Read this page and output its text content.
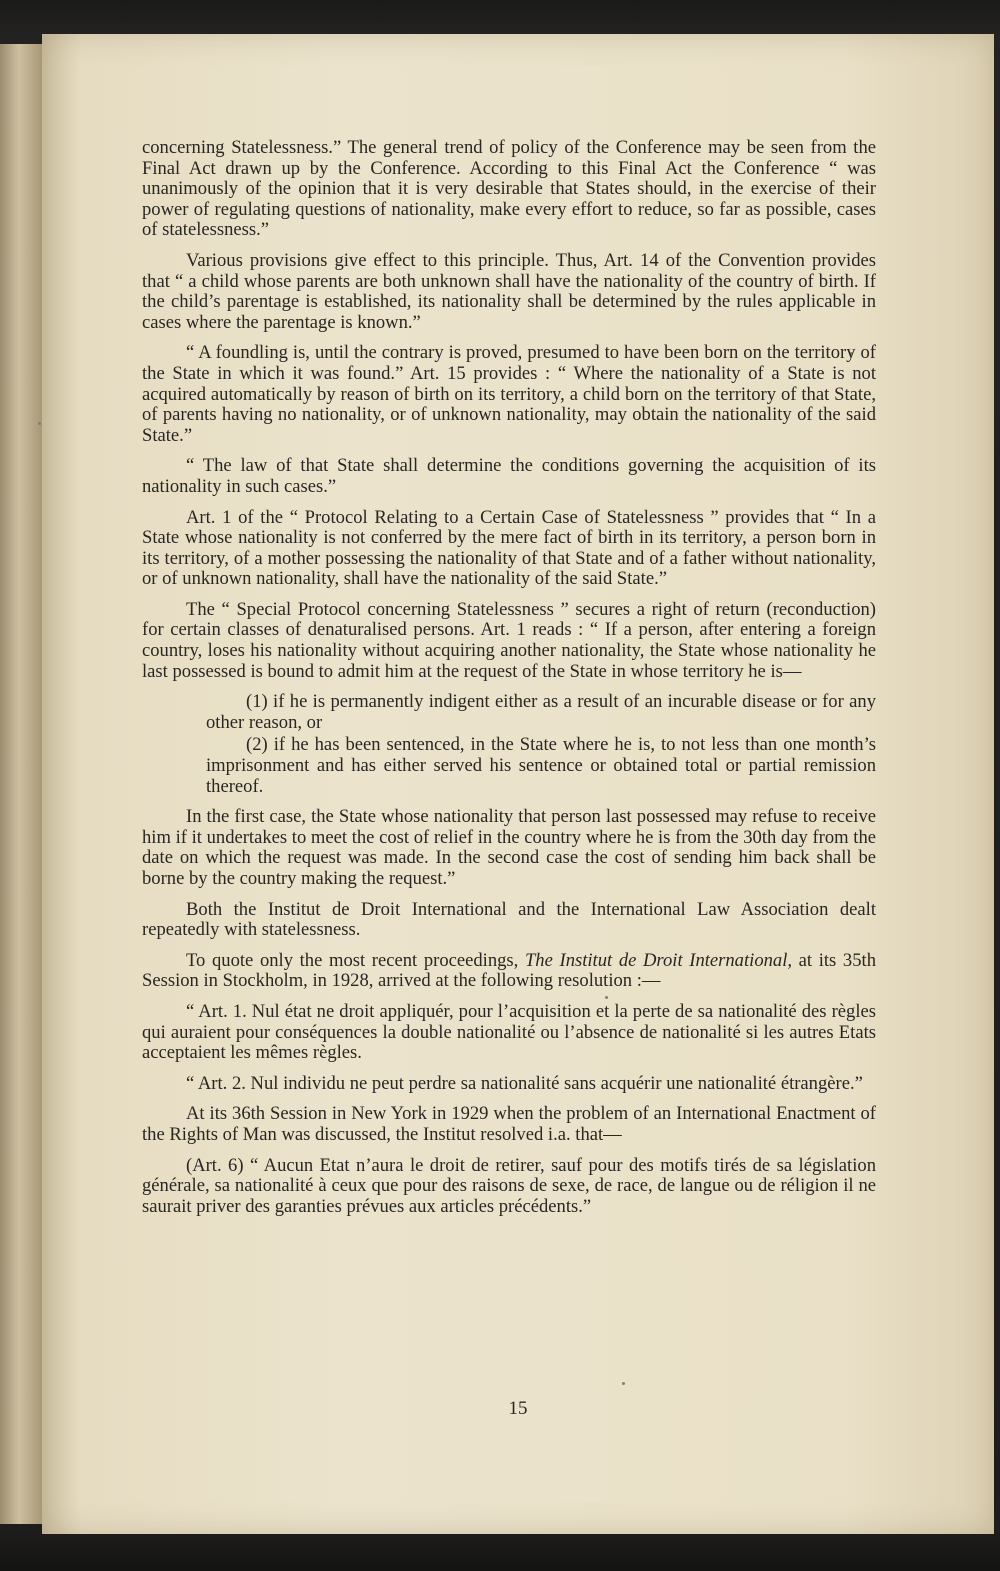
concerning Statelessness.” The general trend of policy of the Conference may be seen from the Final Act drawn up by the Conference. According to this Final Act the Conference “ was unanimously of the opinion that it is very desirable that States should, in the exercise of their power of regulating questions of nationality, make every effort to reduce, so far as possible, cases of statelessness.”

Various provisions give effect to this principle. Thus, Art. 14 of the Convention provides that “ a child whose parents are both unknown shall have the nationality of the country of birth. If the child’s parentage is established, its nationality shall be determined by the rules applicable in cases where the parentage is known.”

“ A foundling is, until the contrary is proved, presumed to have been born on the territory of the State in which it was found.” Art. 15 provides : “ Where the nationality of a State is not acquired automatically by reason of birth on its territory, a child born on the territory of that State, of parents having no nationality, or of unknown nationality, may obtain the nationality of the said State.”

“ The law of that State shall determine the conditions governing the acquisition of its nationality in such cases.”

Art. 1 of the “ Protocol Relating to a Certain Case of Statelessness ” provides that “ In a State whose nationality is not conferred by the mere fact of birth in its territory, a person born in its territory, of a mother possessing the nationality of that State and of a father without nationality, or of unknown nationality, shall have the nationality of the said State.”

The “ Special Protocol concerning Statelessness ” secures a right of return (reconduction) for certain classes of denaturalised persons. Art. 1 reads : “ If a person, after entering a foreign country, loses his nationality without acquiring another nationality, the State whose nationality he last possessed is bound to admit him at the request of the State in whose territory he is—

(1) if he is permanently indigent either as a result of an incurable disease or for any other reason, or

(2) if he has been sentenced, in the State where he is, to not less than one month’s imprisonment and has either served his sentence or obtained total or partial remission thereof.

In the first case, the State whose nationality that person last possessed may refuse to receive him if it undertakes to meet the cost of relief in the country where he is from the 30th day from the date on which the request was made. In the second case the cost of sending him back shall be borne by the country making the request.”

Both the Institut de Droit International and the International Law Association dealt repeatedly with statelessness.

To quote only the most recent proceedings, The Institut de Droit International, at its 35th Session in Stockholm, in 1928, arrived at the following resolution :—

“ Art. 1. Nul état ne droit appliquér, pour l’acquisition et la perte de sa nationalité des règles qui auraient pour conséquences la double nationalité ou l’absence de nationalité si les autres Etats acceptaient les mêmes règles.

“ Art. 2. Nul individu ne peut perdre sa nationalité sans acquérir une nationalité étrangère.”

At its 36th Session in New York in 1929 when the problem of an International Enactment of the Rights of Man was discussed, the Institut resolved i.a. that—

(Art. 6) “ Aucun Etat n’aura le droit de retirer, sauf pour des motifs tirés de sa législation générale, sa nationalité à ceux que pour des raisons de sexe, de race, de langue ou de réligion il ne saurait priver des garanties prévues aux articles précédents.”

15
